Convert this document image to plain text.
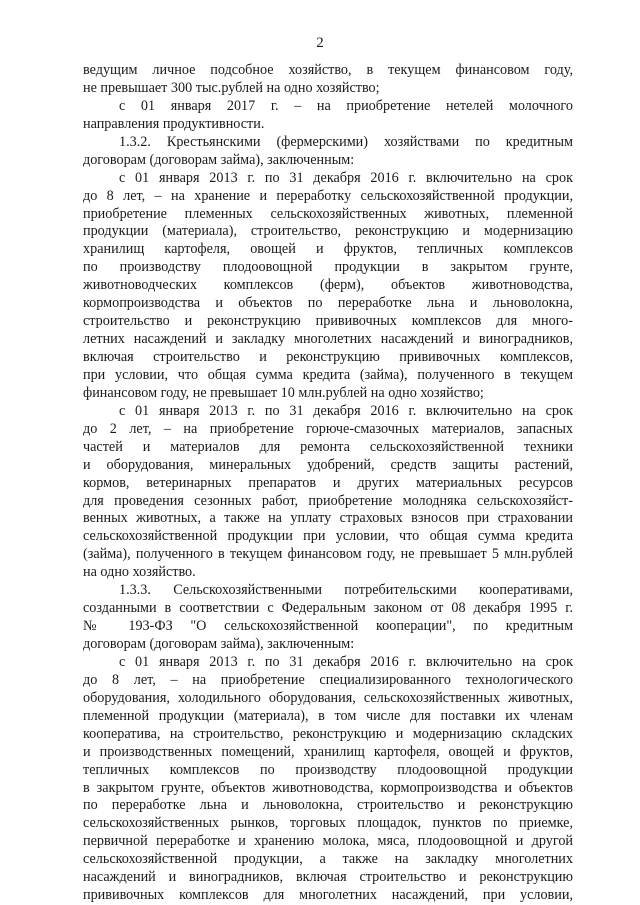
2
ведущим личное подсобное хозяйство, в текущем финансовом году,
не превышает 300 тыс.рублей на одно хозяйство;
с 01 января 2017 г. – на приобретение нетелей молочного
направления продуктивности.
1.3.2. Крестьянскими (фермерскими) хозяйствами по кредитным
договорам (договорам займа), заключенным:
с 01 января 2013 г. по 31 декабря 2016 г. включительно на срок
до 8 лет, – на хранение и переработку сельскохозяйственной продукции,
приобретение племенных сельскохозяйственных животных, племенной
продукции (материала), строительство, реконструкцию и модернизацию
хранилищ картофеля, овощей и фруктов, тепличных комплексов
по производству плодоовощной продукции в закрытом грунте,
животноводческих комплексов (ферм), объектов животноводства,
кормопроизводства и объектов по переработке льна и льноволокна,
строительство и реконструкцию прививочных комплексов для много-
летних насаждений и закладку многолетних насаждений и виноградников,
включая строительство и реконструкцию прививочных комплексов,
при условии, что общая сумма кредита (займа), полученного в текущем
финансовом году, не превышает 10 млн.рублей на одно хозяйство;
с 01 января 2013 г. по 31 декабря 2016 г. включительно на срок
до 2 лет, – на приобретение горюче-смазочных материалов, запасных
частей и материалов для ремонта сельскохозяйственной техники
и оборудования, минеральных удобрений, средств защиты растений,
кормов, ветеринарных препаратов и других материальных ресурсов
для проведения сезонных работ, приобретение молодняка сельскохозяйст-
венных животных, а также на уплату страховых взносов при страховании
сельскохозяйственной продукции при условии, что общая сумма кредита
(займа), полученного в текущем финансовом году, не превышает 5 млн.рублей
на одно хозяйство.
1.3.3. Сельскохозяйственными потребительскими кооперативами,
созданными в соответствии с Федеральным законом от 08 декабря 1995 г.
№ 193-ФЗ "О сельскохозяйственной кооперации", по кредитным
договорам (договорам займа), заключенным:
с 01 января 2013 г. по 31 декабря 2016 г. включительно на срок
до 8 лет, – на приобретение специализированного технологического
оборудования, холодильного оборудования, сельскохозяйственных животных,
племенной продукции (материала), в том числе для поставки их членам
кооператива, на строительство, реконструкцию и модернизацию складских
и производственных помещений, хранилищ картофеля, овощей и фруктов,
тепличных комплексов по производству плодоовощной продукции
в закрытом грунте, объектов животноводства, кормопроизводства и объектов
по переработке льна и льноволокна, строительство и реконструкцию
сельскохозяйственных рынков, торговых площадок, пунктов по приемке,
первичной переработке и хранению молока, мяса, плодоовощной и другой
сельскохозяйственной продукции, а также на закладку многолетних
насаждений и виноградников, включая строительство и реконструкцию
прививочных комплексов для многолетних насаждений, при условии,
